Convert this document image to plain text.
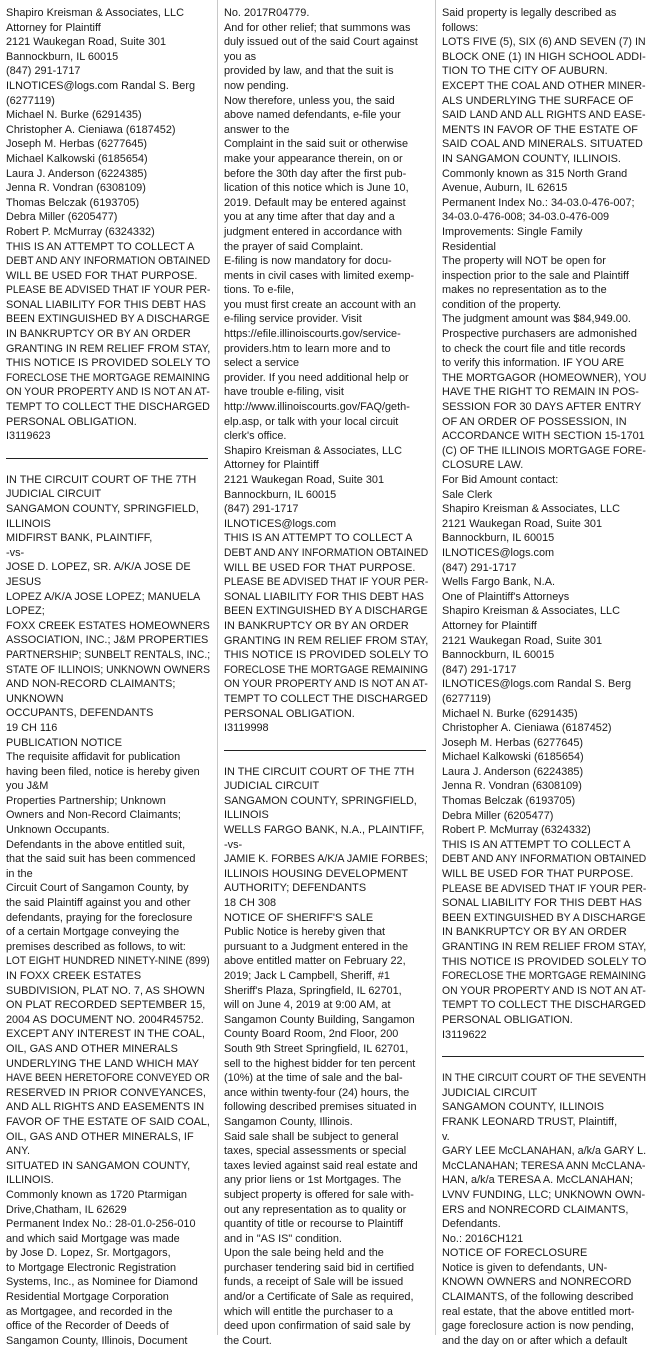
Shapiro Kreisman & Associates, LLC
Attorney for Plaintiff
2121 Waukegan Road, Suite 301
Bannockburn, IL 60015
(847) 291-1717
ILNOTICES@logs.com Randal S. Berg
(6277119)
Michael N. Burke (6291435)
Christopher A. Cieniawa (6187452)
Joseph M. Herbas (6277645)
Michael Kalkowski (6185654)
Laura J. Anderson (6224385)
Jenna R. Vondran (6308109)
Thomas Belczak (6193705)
Debra Miller (6205477)
Robert P. McMurray (6324332)
THIS IS AN ATTEMPT TO COLLECT A
DEBT AND ANY INFORMATION OBTAINED
WILL BE USED FOR THAT PURPOSE.
PLEASE BE ADVISED THAT IF YOUR PER-
SONAL LIABILITY FOR THIS DEBT HAS
BEEN EXTINGUISHED BY A DISCHARGE
IN BANKRUPTCY OR BY AN ORDER
GRANTING IN REM RELIEF FROM STAY,
THIS NOTICE IS PROVIDED SOLELY TO
FORECLOSE THE MORTGAGE REMAINING
ON YOUR PROPERTY AND IS NOT AN AT-
TEMPT TO COLLECT THE DISCHARGED
PERSONAL OBLIGATION.
I3119623
IN THE CIRCUIT COURT OF THE 7TH
JUDICIAL CIRCUIT
SANGAMON COUNTY, SPRINGFIELD,
ILLINOIS
MIDFIRST BANK, PLAINTIFF,
-vs-
JOSE D. LOPEZ, SR. A/K/A JOSE DE
JESUS
LOPEZ A/K/A JOSE LOPEZ; MANUELA
LOPEZ;
FOXX CREEK ESTATES HOMEOWNERS
ASSOCIATION, INC.; J&M PROPERTIES
PARTNERSHIP; SUNBELT RENTALS, INC.;
STATE OF ILLINOIS; UNKNOWN OWNERS
AND NON-RECORD CLAIMANTS;
UNKNOWN
OCCUPANTS, DEFENDANTS
19 CH 116
PUBLICATION NOTICE
The requisite affidavit for publication
having been filed, notice is hereby given
you J&M
Properties Partnership; Unknown
Owners and Non-Record Claimants;
Unknown Occupants.
Defendants in the above entitled suit,
that the said suit has been commenced
in the
Circuit Court of Sangamon County, by
the said Plaintiff against you and other
defendants, praying for the foreclosure
of a certain Mortgage conveying the
premises described as follows, to wit:
LOT EIGHT HUNDRED NINETY-NINE (899)
IN FOXX CREEK ESTATES
SUBDIVISION, PLAT NO. 7, AS SHOWN
ON PLAT RECORDED SEPTEMBER 15,
2004 AS DOCUMENT NO. 2004R45752.
EXCEPT ANY INTEREST IN THE COAL,
OIL, GAS AND OTHER MINERALS
UNDERLYING THE LAND WHICH MAY
HAVE BEEN HERETOFORE CONVEYED OR
RESERVED IN PRIOR CONVEYANCES,
AND ALL RIGHTS AND EASEMENTS IN
FAVOR OF THE ESTATE OF SAID COAL,
OIL, GAS AND OTHER MINERALS, IF
ANY.
SITUATED IN SANGAMON COUNTY,
ILLINOIS.
Commonly known as 1720 Ptarmigan
Drive,Chatham, IL 62629
Permanent Index No.: 28-01.0-256-010
and which said Mortgage was made
by Jose D. Lopez, Sr. Mortgagors,
to Mortgage Electronic Registration
Systems, Inc., as Nominee for Diamond
Residential Mortgage Corporation
as Mortgagee, and recorded in the
office of the Recorder of Deeds of
Sangamon County, Illinois, Document
No. 2017R04779.
And for other relief; that summons was
duly issued out of the said Court against
you as
provided by law, and that the suit is
now pending.
Now therefore, unless you, the said
above named defendants, e-file your
answer to the
Complaint in the said suit or otherwise
make your appearance therein, on or
before the 30th day after the first pub-
lication of this notice which is June 10,
2019. Default may be entered against
you at any time after that day and a
judgment entered in accordance with
the prayer of said Complaint.
E-filing is now mandatory for docu-
ments in civil cases with limited exemp-
tions. To e-file,
you must first create an account with an
e-filing service provider. Visit
https://efile.illinoiscourts.gov/service-
providers.htm to learn more and to
select a service
provider. If you need additional help or
have trouble e-filing, visit
http://www.illinoiscourts.gov/FAQ/geth-
elp.asp, or talk with your local circuit
clerk's office.
Shapiro Kreisman & Associates, LLC
Attorney for Plaintiff
2121 Waukegan Road, Suite 301
Bannockburn, IL 60015
(847) 291-1717
ILNOTICES@logs.com
THIS IS AN ATTEMPT TO COLLECT A
DEBT AND ANY INFORMATION OBTAINED
WILL BE USED FOR THAT PURPOSE.
PLEASE BE ADVISED THAT IF YOUR PER-
SONAL LIABILITY FOR THIS DEBT HAS
BEEN EXTINGUISHED BY A DISCHARGE
IN BANKRUPTCY OR BY AN ORDER
GRANTING IN REM RELIEF FROM STAY,
THIS NOTICE IS PROVIDED SOLELY TO
FORECLOSE THE MORTGAGE REMAINING
ON YOUR PROPERTY AND IS NOT AN AT-
TEMPT TO COLLECT THE DISCHARGED
PERSONAL OBLIGATION.
I3119998
IN THE CIRCUIT COURT OF THE 7TH
JUDICIAL CIRCUIT
SANGAMON COUNTY, SPRINGFIELD,
ILLINOIS
WELLS FARGO BANK, N.A., PLAINTIFF,
-vs-
JAMIE K. FORBES A/K/A JAMIE FORBES;
ILLINOIS HOUSING DEVELOPMENT
AUTHORITY; DEFENDANTS
18 CH 308
NOTICE OF SHERIFF'S SALE
Public Notice is hereby given that
pursuant to a Judgment entered in the
above entitled matter on February 22,
2019; Jack L Campbell, Sheriff, #1
Sheriff's Plaza, Springfield, IL 62701,
will on June 4, 2019 at 9:00 AM, at
Sangamon County Building, Sangamon
County Board Room, 2nd Floor, 200
South 9th Street Springfield, IL 62701,
sell to the highest bidder for ten percent
(10%) at the time of sale and the bal-
ance within twenty-four (24) hours, the
following described premises situated in
Sangamon County, Illinois.
Said sale shall be subject to general
taxes, special assessments or special
taxes levied against said real estate and
any prior liens or 1st Mortgages. The
subject property is offered for sale with-
out any representation as to quality or
quantity of title or recourse to Plaintiff
and in "AS IS" condition.
Upon the sale being held and the
purchaser tendering said bid in certified
funds, a receipt of Sale will be issued
and/or a Certificate of Sale as required,
which will entitle the purchaser to a
deed upon confirmation of said sale by
the Court.
Said property is legally described as
follows:
LOTS FIVE (5), SIX (6) AND SEVEN (7) IN
BLOCK ONE (1) IN HIGH SCHOOL ADDI-
TION TO THE CITY OF AUBURN.
EXCEPT THE COAL AND OTHER MINER-
ALS UNDERLYING THE SURFACE OF
SAID LAND AND ALL RIGHTS AND EASE-
MENTS IN FAVOR OF THE ESTATE OF
SAID COAL AND MINERALS. SITUATED
IN SANGAMON COUNTY, ILLINOIS.
Commonly known as 315 North Grand
Avenue, Auburn, IL 62615
Permanent Index No.: 34-03.0-476-007;
34-03.0-476-008; 34-03.0-476-009
Improvements: Single Family
Residential
The property will NOT be open for
inspection prior to the sale and Plaintiff
makes no representation as to the
condition of the property.
The judgment amount was $84,949.00.
Prospective purchasers are admonished
to check the court file and title records
to verify this information. IF YOU ARE
THE MORTGAGOR (HOMEOWNER), YOU
HAVE THE RIGHT TO REMAIN IN POS-
SESSION FOR 30 DAYS AFTER ENTRY
OF AN ORDER OF POSSESSION, IN
ACCORDANCE WITH SECTION 15-1701
(C) OF THE ILLINOIS MORTGAGE FORE-
CLOSURE LAW.
For Bid Amount contact:
Sale Clerk
Shapiro Kreisman & Associates, LLC
2121 Waukegan Road, Suite 301
Bannockburn, IL 60015
ILNOTICES@logs.com
(847) 291-1717
Wells Fargo Bank, N.A.
One of Plaintiff's Attorneys
Shapiro Kreisman & Associates, LLC
Attorney for Plaintiff
2121 Waukegan Road, Suite 301
Bannockburn, IL 60015
(847) 291-1717
ILNOTICES@logs.com Randal S. Berg
(6277119)
Michael N. Burke (6291435)
Christopher A. Cieniawa (6187452)
Joseph M. Herbas (6277645)
Michael Kalkowski (6185654)
Laura J. Anderson (6224385)
Jenna R. Vondran (6308109)
Thomas Belczak (6193705)
Debra Miller (6205477)
Robert P. McMurray (6324332)
THIS IS AN ATTEMPT TO COLLECT A
DEBT AND ANY INFORMATION OBTAINED
WILL BE USED FOR THAT PURPOSE.
PLEASE BE ADVISED THAT IF YOUR PER-
SONAL LIABILITY FOR THIS DEBT HAS
BEEN EXTINGUISHED BY A DISCHARGE
IN BANKRUPTCY OR BY AN ORDER
GRANTING IN REM RELIEF FROM STAY,
THIS NOTICE IS PROVIDED SOLELY TO
FORECLOSE THE MORTGAGE REMAINING
ON YOUR PROPERTY AND IS NOT AN AT-
TEMPT TO COLLECT THE DISCHARGED
PERSONAL OBLIGATION.
I3119622
IN THE CIRCUIT COURT OF THE SEVENTH
JUDICIAL CIRCUIT
SANGAMON COUNTY, ILLINOIS
FRANK LEONARD TRUST, Plaintiff,
v.
GARY LEE McCLANAHAN, a/k/a GARY L.
McCLANAHAN; TERESA ANN McCLANA-
HAN, a/k/a TERESA A. McCLANAHAN;
LVNV FUNDING, LLC; UNKNOWN OWN-
ERS and NONRECORD CLAIMANTS,
Defendants.
No.: 2016CH121
NOTICE OF FORECLOSURE
Notice is given to defendants, UN-
KNOWN OWNERS and NONRECORD
CLAIMANTS, of the following described
real estate, that the above entitled mort-
gage foreclosure action is now pending,
and the day on or after which a default
